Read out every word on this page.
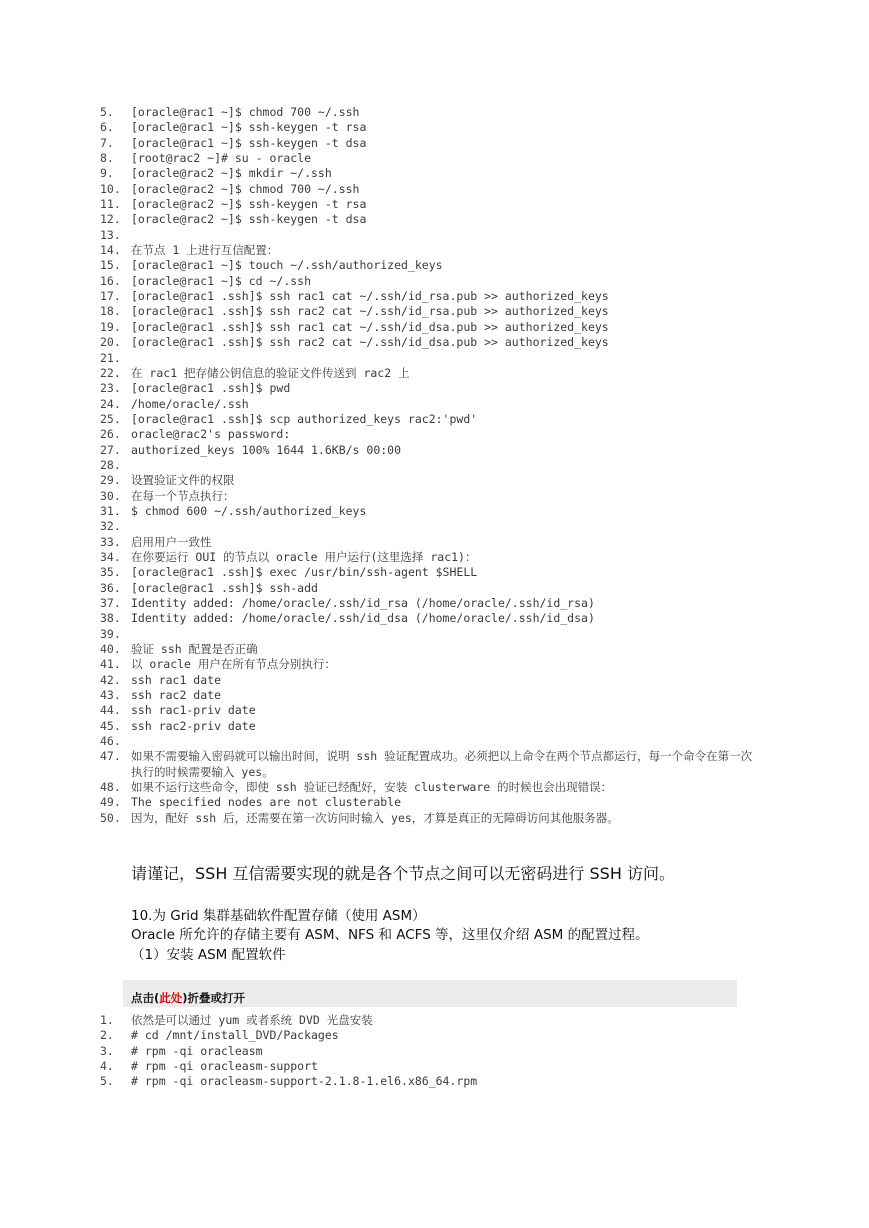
5.	[oracle@rac1 ~]$ chmod 700 ~/.ssh
6.	[oracle@rac1 ~]$ ssh-keygen -t rsa
7.	[oracle@rac1 ~]$ ssh-keygen -t dsa
8.	[root@rac2 ~]# su - oracle
9.	[oracle@rac2 ~]$ mkdir ~/.ssh
10. [oracle@rac2 ~]$ chmod 700 ~/.ssh
11. [oracle@rac2 ~]$ ssh-keygen -t rsa
12. [oracle@rac2 ~]$ ssh-keygen -t dsa
13.
14. 在节点 1 上进行互信配置：
15. [oracle@rac1 ~]$ touch ~/.ssh/authorized_keys
16. [oracle@rac1 ~]$ cd ~/.ssh
17. [oracle@rac1 .ssh]$ ssh rac1 cat ~/.ssh/id_rsa.pub >> authorized_keys
18. [oracle@rac1 .ssh]$ ssh rac2 cat ~/.ssh/id_rsa.pub >> authorized_keys
19. [oracle@rac1 .ssh]$ ssh rac1 cat ~/.ssh/id_dsa.pub >> authorized_keys
20. [oracle@rac1 .ssh]$ ssh rac2 cat ~/.ssh/id_dsa.pub >> authorized_keys
21.
22. 在 rac1 把存储公钥信息的验证文件传送到 rac2 上
23. [oracle@rac1 .ssh]$ pwd
24. /home/oracle/.ssh
25. [oracle@rac1 .ssh]$ scp authorized_keys rac2:'pwd'
26. oracle@rac2's password:
27. authorized_keys 100% 1644 1.6KB/s 00:00
28.
29. 设置验证文件的权限
30. 在每一个节点执行：
31. $ chmod 600 ~/.ssh/authorized_keys
32.
33. 启用用户一致性
34. 在你要运行 OUI 的节点以 oracle 用户运行(这里选择 rac1)：
35. [oracle@rac1 .ssh]$ exec /usr/bin/ssh-agent $SHELL
36. [oracle@rac1 .ssh]$ ssh-add
37. Identity added: /home/oracle/.ssh/id_rsa (/home/oracle/.ssh/id_rsa)
38. Identity added: /home/oracle/.ssh/id_dsa (/home/oracle/.ssh/id_dsa)
39.
40. 验证 ssh 配置是否正确
41. 以 oracle 用户在所有节点分别执行：
42. ssh rac1 date
43. ssh rac2 date
44. ssh rac1-priv date
45. ssh rac2-priv date
46.
47. 如果不需要输入密码就可以输出时间，说明 ssh 验证配置成功。必须把以上命令在两个节点都运行，每一个命令在第一次执行的时候需要输入 yes。
48. 如果不运行这些命令，即使 ssh 验证已经配好，安装 clusterware 的时候也会出现错误：
49. The specified nodes are not clusterable
50. 因为，配好 ssh 后，还需要在第一次访问时输入 yes，才算是真正的无障碍访问其他服务器。

请谨记，SSH 互信需要实现的就是各个节点之间可以无密码进行 SSH 访问。

10.为 Grid 集群基础软件配置存储（使用 ASM）

Oracle 所允许的存储主要有 ASM、NFS 和 ACFS 等，这里仅介绍 ASM 的配置过程。

（1）安装 ASM 配置软件

点击(此处)折叠或打开
1.	依然是可以通过 yum 或者系统 DVD 光盘安装
2.	# cd /mnt/install_DVD/Packages
3.	# rpm -qi oracleasm
4.	# rpm -qi oracleasm-support
5.	# rpm -qi oracleasm-support-2.1.8-1.el6.x86_64.rpm
